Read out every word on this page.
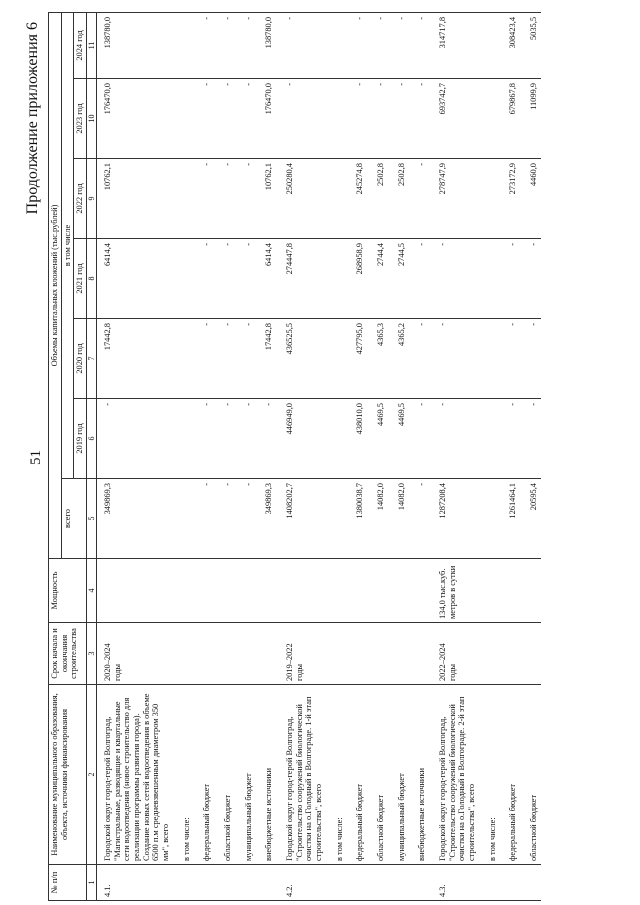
51
Продолжение приложения 6
№ п/п	Наименование муниципального образования, объекта, источники финансирования	Срок начала и окончания строительства	Мощность	Объемы капитальных вложений (тыс.рублей)						
				всего	в том числе					
					2019 год	2020 год	2021 год	2022 год	2023 год	2024 год
1	2	3	4	5	6	7	8	9	10	11
4.1.	Городской округ город-герой Волгоград, "Магистральные, разводящие и квартальные сети водоотведения (новое строительство для реализации программы развития города). Создание новых сетей водоотведения в объеме 6500 п.м средневзвешенным диаметром 350 мм", всего	2020–2024 годы		349869,3	-	17442,8	6414,4	10762,1	176470,0	138780,0
	в том числе:									
	федеральный бюджет			-	-	-	-	-	-	-
	областной бюджет			-	-	-	-	-	-	-
	муниципальный бюджет			-	-	-	-	-	-	-
	внебюджетные источники			349869,3	-	17442,8	6414,4	10762,1	176470,0	138780,0
4.2.	Городской округ город-герой Волгоград, "Строительство сооружений биологической очистки на о.Голодный в Волгограде. 1-й этап строительства", всего	2019–2022 годы		1408202,7	446949,0	436525,5	274447,8	250280,4	-	-
	в том числе:									
	федеральный бюджет			1380038,7	438010,0	427795,0	268958,9	245274,8	-	-
	областной бюджет			14082,0	4469,5	4365,3	2744,4	2502,8	-	-
	муниципальный бюджет			14082,0	4469,5	4365,2	2744,5	2502,8	-	-
	внебюджетные источники			-	-	-	-	-	-	-
4.3.	Городской округ город-герой Волгоград, "Строительство сооружений биологической очистки на о.Голодный в Волгограде. 2-й этап строительства", всего	2022–2024 годы	134,0 тыс.куб. метров в сутки	1287208,4	-	-	-	278747,9	693742,7	314717,8
	в том числе:									
	федеральный бюджет			1261464,1	-	-	-	273172,9	679867,8	308423,4
	областной бюджет			20595,4	-	-	-	4460,0	11099,9	5035,5
